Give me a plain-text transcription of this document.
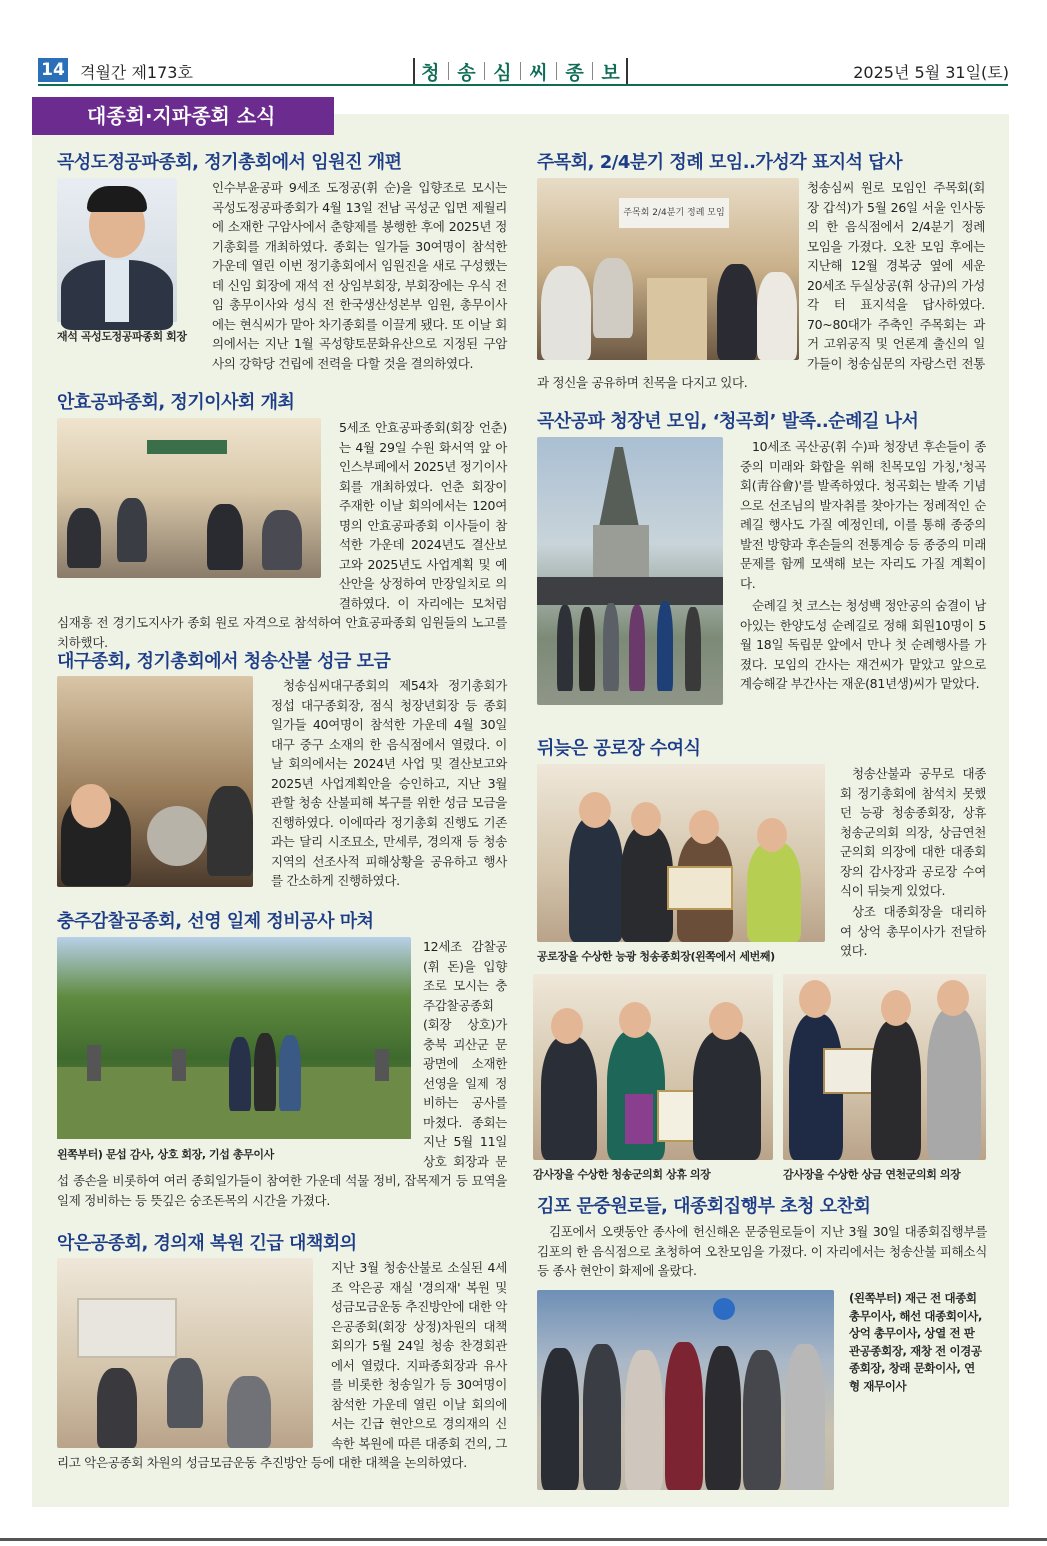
14 격월간 제173호	청 송 심 씨 종 보	2025년 5월 31일(토)
대종회·지파종회 소식
곡성도정공파종회, 정기총회에서 임원진 개편
재석 곡성도정공파종회 회장
인수부윤공파 9세조 도정공(휘 순)을 입향조로 모시는 곡성도정공파종회가 4월 13일 전남 곡성군 입면 제월리에 소재한 구암사에서 춘향제를 봉행한 후에 2025년 정기총회를 개최하였다. 종회는 일가들 30여명이 참석한 가운데 열린 이번 정기총회에서 임원진을 새로 구성했는데 신임 회장에 재석 전 상임부회장, 부회장에는 우식 전임 총무이사와 성식 전 한국생산성본부 임원, 총무이사에는 현식씨가 맡아 차기종회를 이끌게 됐다. 또 이날 회의에서는 지난 1월 곡성향토문화유산으로 지정된 구암사의 강학당 건립에 전력을 다할 것을 결의하였다.
안효공파종회, 정기이사회 개최
5세조 안효공파종회(회장 언춘)는 4월 29일 수원 화서역 앞 아인스부페에서 2025년 정기이사회를 개최하였다. 언춘 회장이 주재한 이날 회의에서는 120여명의 안효공파종회 이사들이 참석한 가운데 2024년도 결산보고와 2025년도 사업계획 및 예산안을 상정하여 만장일치로 의결하였다. 이 자리에는 모처럼 심재흥 전 경기도지사가 종회 원로 자격으로 참석하여 안효공파종회 임원들의 노고를 치하했다.
대구종회, 정기총회에서 청송산불 성금 모금
청송심씨대구종회의 제54차 정기총회가 정섭 대구종회장, 점식 청장년회장 등 종회 일가들 40여명이 참석한 가운데 4월 30일 대구 중구 소재의 한 음식점에서 열렸다. 이날 회의에서는 2024년 사업 및 결산보고와 2025년 사업계획안을 승인하고, 지난 3월 관할 청송 산불피해 복구를 위한 성금 모금을 진행하였다. 이에따라 정기총회 진행도 기존과는 달리 시조묘소, 만세루, 경의재 등 청송지역의 선조사적 피해상황을 공유하고 행사를 간소하게 진행하였다.
충주감찰공종회, 선영 일제 정비공사 마쳐
왼쪽부터) 문섭 감사, 상호 회장, 기섭 총무이사
12세조 감찰공(휘 돈)을 입향조로 모시는 충주감찰공종회(회장 상호)가 충북 괴산군 문광면에 소재한 선영을 일제 정비하는 공사를 마쳤다. 종회는 지난 5월 11일 상호 회장과 문섭 종손을 비롯하여 여러 종회일가들이 참여한 가운데 석물 정비, 잡목제거 등 묘역을 일제 정비하는 등 뜻깊은 숭조돈목의 시간을 가졌다.
악은공종회, 경의재 복원 긴급 대책회의
지난 3월 청송산불로 소실된 4세조 악은공 재실 '경의재' 복원 및 성금모금운동 추진방안에 대한 악은공종회(회장 상정)차원의 대책회의가 5월 24일 청송 찬경회관에서 열렸다. 지파종회장과 유사를 비롯한 청송일가 등 30여명이 참석한 가운데 열린 이날 회의에서는 긴급 현안으로 경의재의 신속한 복원에 따른 대종회 건의, 그리고 악은공종회 차원의 성금모금운동 추진방안 등에 대한 대책을 논의하였다.
주목회, 2/4분기 정례 모임..가성각 표지석 답사
주목회 2/4분기 정례 모임
청송심씨 원로 모임인 주목회(회장 갑석)가 5월 26일 서울 인사동의 한 음식점에서 2/4분기 정례 모임을 가졌다. 오찬 모임 후에는 지난해 12월 경복궁 옆에 세운 20세조 두실상공(휘 상규)의 가성각 터 표지석을 답사하였다. 70~80대가 주축인 주목회는 과거 고위공직 및 언론계 출신의 일가들이 청송심문의 자랑스런 전통과 정신을 공유하며 친목을 다지고 있다.
곡산공파 청장년 모임, ‘청곡회’ 발족..순례길 나서
10세조 곡산공(휘 수)파 청장년 후손들이 종중의 미래와 화합을 위해 친목모임 가칭,'청곡회(靑谷會)'를 발족하였다. 청곡회는 발족 기념으로 선조님의 발자취를 찾아가는 정례적인 순례길 행사도 가질 예정인데, 이를 통해 종중의 발전 방향과 후손들의 전통계승 등 종중의 미래문제를 함께 모색해 보는 자리도 가질 계획이다.
순례길 첫 코스는 청성백 정안공의 숨결이 남아있는 한양도성 순례길로 정해 회원10명이 5월 18일 독립문 앞에서 만나 첫 순례행사를 가졌다. 모임의 간사는 재건씨가 맡았고 앞으로 계승해갈 부간사는 재운(81년생)씨가 맡았다.
뒤늦은 공로장 수여식
공로장을 수상한 능광 청송종회장(왼쪽에서 세번째)
청송산불과 공무로 대종회 정기총회에 참석치 못했던 능광 청송종회장, 상휴 청송군의회 의장, 상금연천군의회 의장에 대한 대종회장의 감사장과 공로장 수여식이 뒤늦게 있었다.
상조 대종회장을 대리하여 상억 총무이사가 전달하였다.
감사장을 수상한 청송군의회 상휴 의장	감사장을 수상한 상금 연천군의회 의장
김포 문중원로들, 대종회집행부 초청 오찬회
김포에서 오랫동안 종사에 헌신해온 문중원로들이 지난 3월 30일 대종회집행부를 김포의 한 음식점으로 초청하여 오찬모임을 가졌다. 이 자리에서는 청송산불 피해소식 등 종사 현안이 화제에 올랐다.
(왼쪽부터) 재근 전 대종회총무이사, 해선 대종회이사, 상억 총무이사, 상열 전 판관공종회장, 재창 전 이경공종회장, 창래 문화이사, 연형 재무이사
